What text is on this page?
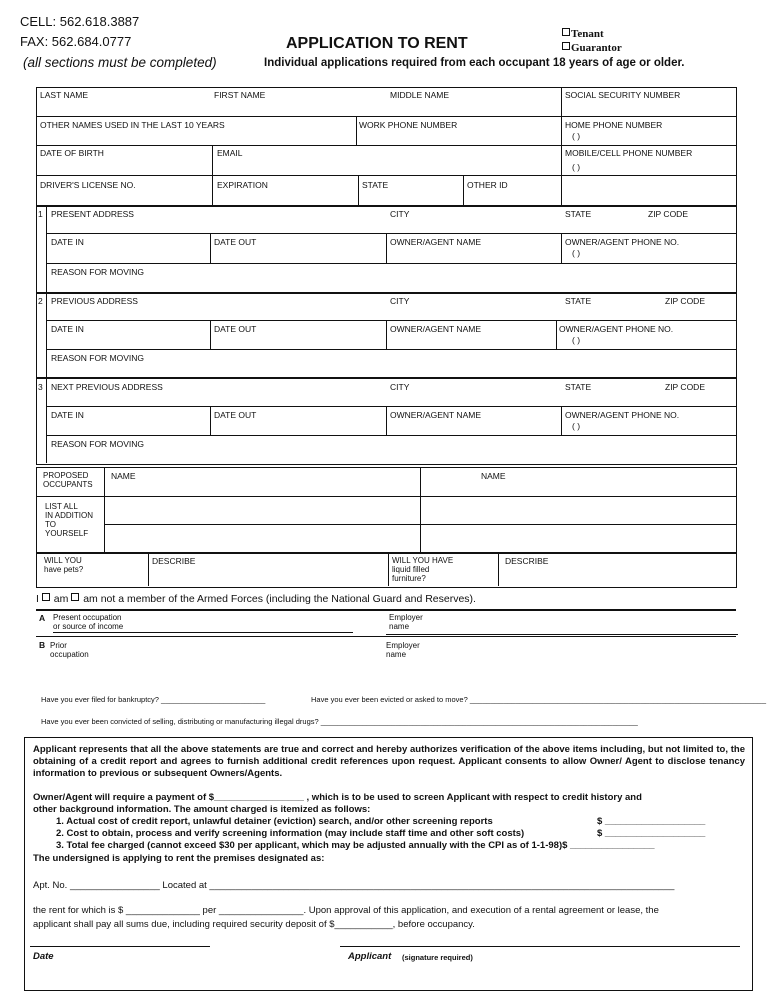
CELL: 562.618.3887
FAX: 562.684.0777
(all sections must be completed)
APPLICATION TO RENT
Individual applications required from each occupant 18 years of age or older.
Tenant
Guarantor
LAST NAME	FIRST NAME	MIDDLE NAME	SOCIAL SECURITY NUMBER
OTHER NAMES USED IN THE LAST 10 YEARS	WORK PHONE NUMBER	HOME PHONE NUMBER
( )
DATE OF BIRTH	EMAIL	MOBILE/CELL PHONE NUMBER
( )
DRIVER'S LICENSE NO.	EXPIRATION	STATE	OTHER ID
1 PRESENT ADDRESS	CITY	STATE	ZIP CODE
DATE IN	DATE OUT	OWNER/AGENT NAME	OWNER/AGENT PHONE NO.
( )
REASON FOR MOVING
2 PREVIOUS ADDRESS	CITY	STATE	ZIP CODE
DATE IN	DATE OUT	OWNER/AGENT NAME	OWNER/AGENT PHONE NO.
( )
REASON FOR MOVING
3 NEXT PREVIOUS ADDRESS	CITY	STATE	ZIP CODE
DATE IN	DATE OUT	OWNER/AGENT NAME	OWNER/AGENT PHONE NO.
( )
REASON FOR MOVING
PROPOSED
OCCUPANTS
NAME	NAME
LIST ALL
IN ADDITION
TO
YOURSELF
WILL YOU
have pets?
DESCRIBE	WILL YOU HAVE
liquid filled
furniture?
DESCRIBE
I am am not a member of the Armed Forces (including the National Guard and Reserves).
A Present occupation
or source of income
Employer
name
B Prior
occupation
Employer
name
Have you ever filed for bankruptcy? _________________________	Have you ever been evicted or asked to move? _______________________________________________________________________
Have you ever been convicted of selling, distributing or manufacturing illegal drugs? ____________________________________________________________________________
Applicant represents that all the above statements are true and correct and hereby authorizes verification of the above items including, but not limited to, the obtaining of a credit report and agrees to furnish additional credit references upon request. Applicant consents to allow Owner/ Agent to disclose tenancy information to previous or subsequent Owners/Agents.
Owner/Agent will require a payment of $_________________ , which is to be used to screen Applicant with respect to credit history and
other background information. The amount charged is itemized as follows:
1. Actual cost of credit report, unlawful detainer (eviction) search, and/or other screening reports	$ ___________________
2. Cost to obtain, process and verify screening information (may include staff time and other soft costs)	$ ___________________
3. Total fee charged (cannot exceed $30 per applicant, which may be adjusted annually with the CPI as of 1-1-98)$ ________________
The undersigned is applying to rent the premises designated as:
Apt. No. _________________ Located at ________________________________________________________________________________________
the rent for which is $ ______________ per ________________. Upon approval of this application, and execution of a rental agreement or lease, the
applicant shall pay all sums due, including required security deposit of $___________, before occupancy.
Date	Applicant (signature required)
